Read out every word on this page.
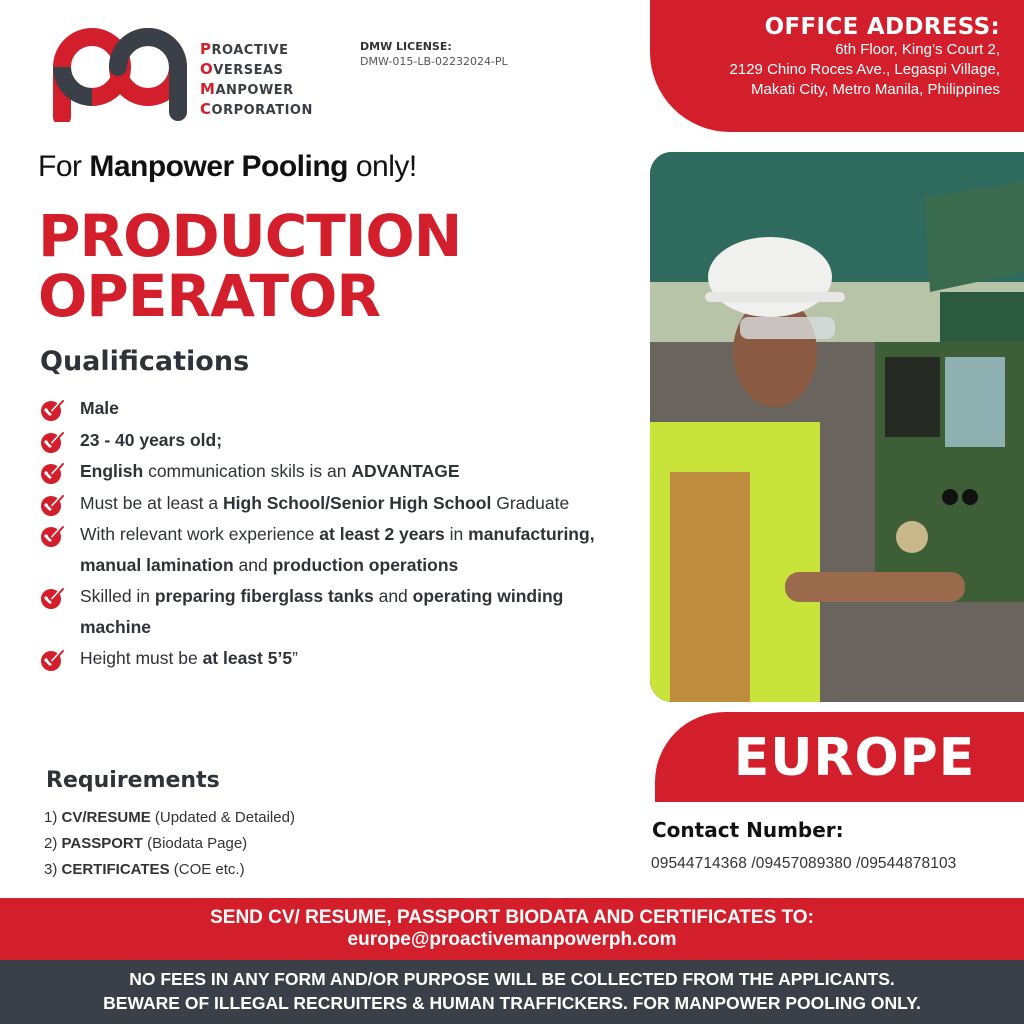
PROACTIVE
OVERSEAS
MANPOWER
CORPORATION
DMW LICENSE:
DMW-015-LB-02232024-PL
OFFICE ADDRESS:
6th Floor, King’s Court 2,
2129 Chino Roces Ave., Legaspi Village,
Makati City, Metro Manila, Philippines
For Manpower Pooling only!
PRODUCTION
OPERATOR
Qualifications
Male
23 - 40 years old;
English communication skils is an ADVANTAGE
Must be at least a High School/Senior High School Graduate
With relevant work experience at least 2 years in manufacturing, manual lamination and production operations
Skilled in preparing fiberglass tanks and operating winding machine
Height must be at least 5’5”
Requirements
1) CV/RESUME (Updated & Detailed)
2) PASSPORT (Biodata Page)
3) CERTIFICATES (COE etc.)
EUROPE
Contact Number:
09544714368 /09457089380 /09544878103
SEND CV/ RESUME, PASSPORT BIODATA AND CERTIFICATES TO:
europe@proactivemanpowerph.com
NO FEES IN ANY FORM AND/OR PURPOSE WILL BE COLLECTED FROM THE APPLICANTS.
BEWARE OF ILLEGAL RECRUITERS & HUMAN TRAFFICKERS. FOR MANPOWER POOLING ONLY.
